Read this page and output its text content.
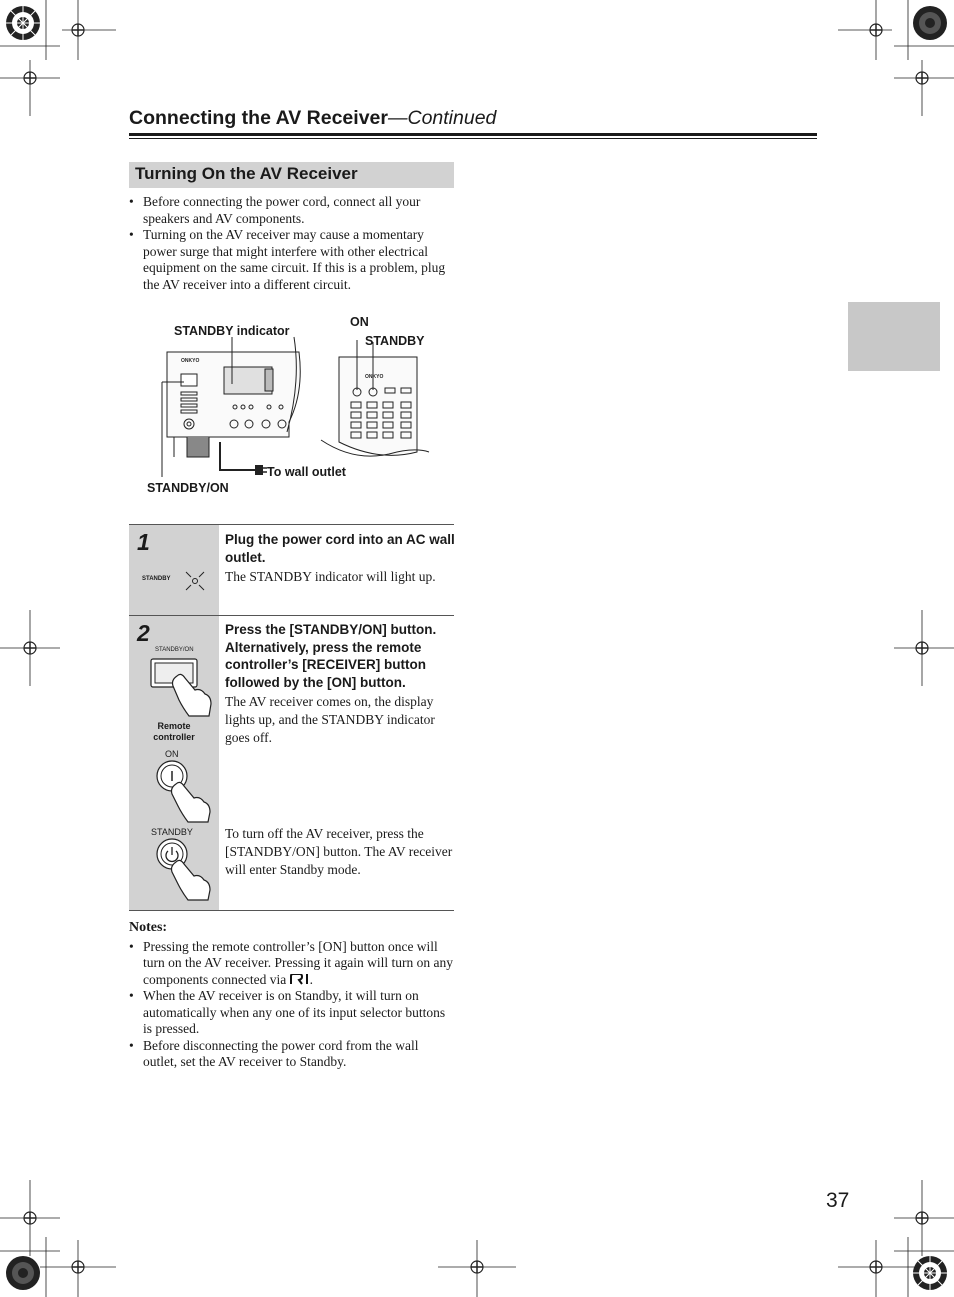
Connecting the AV Receiver—Continued
Turning On the AV Receiver
• Before connecting the power cord, connect all your speakers and AV components.
• Turning on the AV receiver may cause a momentary power surge that might interfere with other electrical equipment on the same circuit. If this is a problem, plug the AV receiver into a different circuit.
ONKYO
ONKYO
STANDBY indicator
ON
STANDBY
To wall outlet
STANDBY/ON
1
STANDBY
Plug the power cord into an AC wall outlet.
The STANDBY indicator will light up.
2
STANDBY/ON
Remote controller
ON
STANDBY
Press the [STANDBY/ON] button. Alternatively, press the remote controller’s [RECEIVER] button followed by the [ON] button.
The AV receiver comes on, the display lights up, and the STANDBY indicator goes off.
To turn off the AV receiver, press the [STANDBY/ON] button. The AV receiver will enter Standby mode.
Notes:
• Pressing the remote controller’s [ON] button once will turn on the AV receiver. Pressing it again will turn on any components connected via .
• When the AV receiver is on Standby, it will turn on automatically when any one of its input selector buttons is pressed.
• Before disconnecting the power cord from the wall outlet, set the AV receiver to Standby.
37
